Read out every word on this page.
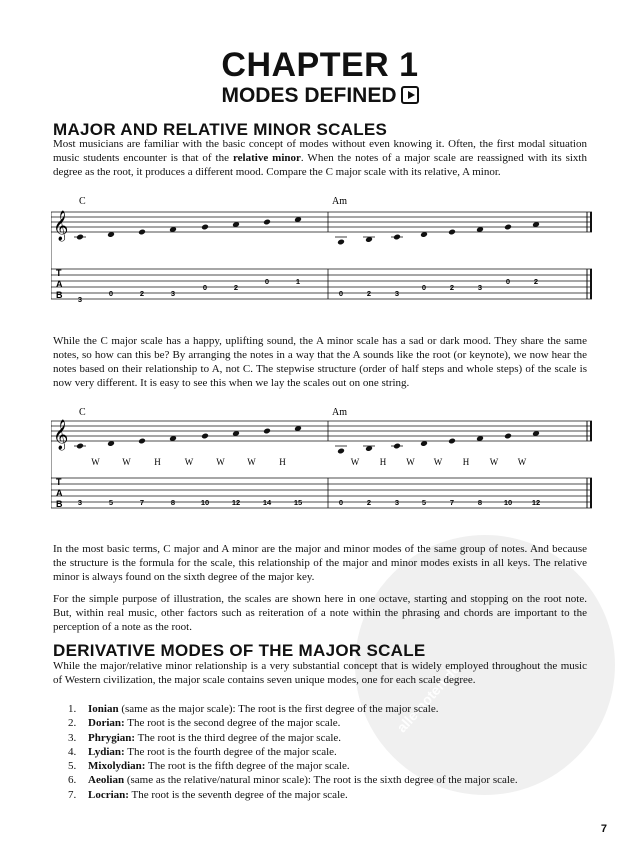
alle-noten.de
CHAPTER 1
MODES DEFINED
MAJOR AND RELATIVE MINOR SCALES
Most musicians are familiar with the basic concept of modes without even knowing it. Often, the first modal situation music students encounter is that of the relative minor. When the notes of a major scale are reassigned with its sixth degree as the root, it produces a different mood. Compare the C major scale with its relative, A minor.
C	Am
𝄞
T
A
B 3
0	2	3
0	2
0	1
0	2	3
0	2	3
0	2
While the C major scale has a happy, uplifting sound, the A minor scale has a sad or dark mood. They share the same notes, so how can this be? By arranging the notes in a way that the A sounds like the root (or keynote), we now hear the notes based on their relationship to A, not C. The stepwise structure (order of half steps and whole steps) of the scale is now very different. It is easy to see this when we lay the scales out on one string.
C	Am
𝄞
T
A
B 3	5	7	8	10	12	14	15	0	2	3	5	7	8	10	12
W	W	H	W	W	W	H	W H W W H W W
In the most basic terms, C major and A minor are the major and minor modes of the same group of notes. And because the structure is the formula for the scale, this relationship of the major and minor modes exists in all keys. The relative minor is always found on the sixth degree of the major key.
For the simple purpose of illustration, the scales are shown here in one octave, starting and stopping on the root note. But, within real music, other factors such as reiteration of a note within the phrasing and chords are important to the perception of a note as the root.
DERIVATIVE MODES OF THE MAJOR SCALE
While the major/relative minor relationship is a very substantial concept that is widely employed throughout the music of Western civilization, the major scale contains seven unique modes, one for each scale degree.
1. Ionian (same as the major scale): The root is the first degree of the major scale.
2. Dorian: The root is the second degree of the major scale.
3. Phrygian: The root is the third degree of the major scale.
4. Lydian: The root is the fourth degree of the major scale.
5. Mixolydian: The root is the fifth degree of the major scale.
6. Aeolian (same as the relative/natural minor scale): The root is the sixth degree of the major scale.
7. Locrian: The root is the seventh degree of the major scale.
7
